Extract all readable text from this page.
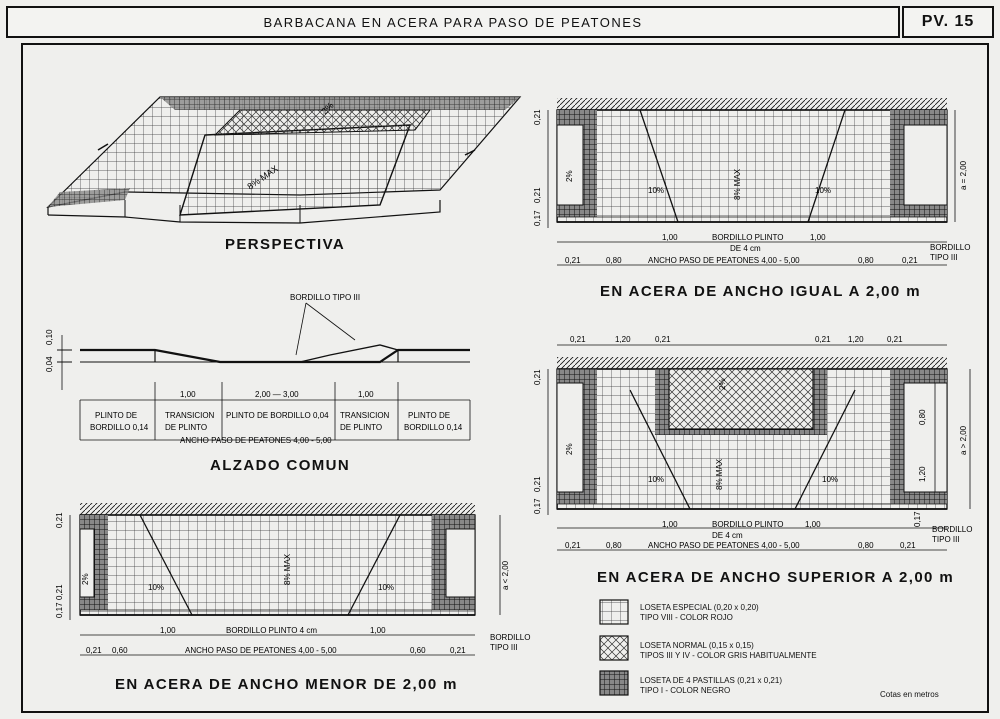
BARBACANA EN ACERA PARA PASO DE PEATONES	PV. 15
8% MAX
2%
BORDILLO TIPO III
0,10
0,04
1,00	2,00 — 3,00	1,00
PLINTO DE
BORDILLO 0,14
TRANSICION
DE PLINTO
PLINTO DE BORDILLO 0,04 TRANSICION
DE PLINTO
PLINTO DE
BORDILLO 0,14
ANCHO PASO DE PEATONES 4,00 - 5,00
0,21
0,21
0,17
2%
10%	10%
8% MAX	a = 2,00
1,00	BORDILLO PLINTO
DE 4 cm
1,00
0,21	0,80	ANCHO PASO DE PEATONES 4,00 - 5,00	0,80	0,21
BORDILLO
TIPO III
0,21	1,20	0,21	0,21 1,20	0,21
0,21
0,21
0,17
2%
2%
10%	10%
8% MAX
0,80
1,20
a > 2,00
1,00	BORDILLO PLINTO
DE 4 cm
1,00
0,21	0,80	ANCHO PASO DE PEATONES 4,00 - 5,00	0,80	0,21
0,17
BORDILLO
TIPO III
0,21
0,21
0,17
2%
10%	10%
8% MAX	a < 2,00
1,00	BORDILLO PLINTO 4 cm	1,00
0,21 0,60	ANCHO PASO DE PEATONES 4,00 - 5,00	0,60	0,21
BORDILLO
TIPO III
PERSPECTIVA
ALZADO COMUN
EN ACERA DE ANCHO IGUAL A 2,00 m
EN ACERA DE ANCHO SUPERIOR A 2,00 m
EN ACERA DE ANCHO MENOR DE 2,00 m
LOSETA ESPECIAL (0,20 x 0,20)
TIPO VIII - COLOR ROJO
LOSETA NORMAL (0,15 x 0,15)
TIPOS III Y IV - COLOR GRIS HABITUALMENTE
LOSETA DE 4 PASTILLAS (0,21 x 0,21)
TIPO I - COLOR NEGRO	Cotas en metros
